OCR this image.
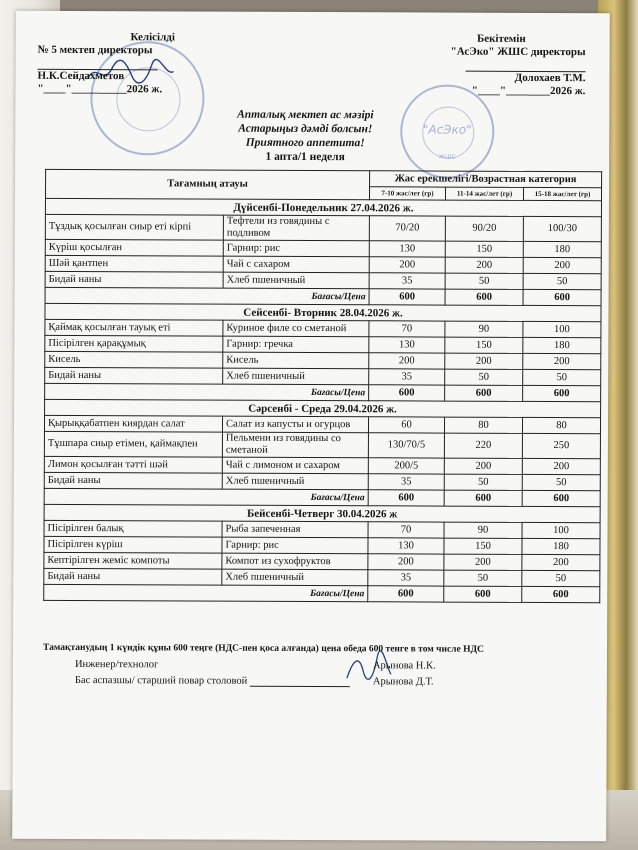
"АсЭко"
ЖШС
Келісілді
№ 5 мектеп директоры
Н.К.Сейдахметов
"____"__________2026 ж.
Бекітемін
"АсЭко" ЖШС директоры
Долохаев Т.М.
"____"________2026 ж.
Апталық мектеп ас мәзірі
Астарыңыз дәмді болсын!
Приятного аппетита!
1 апта/1 неделя
Тағамның атауы		Жас ерекшелігі/Возрастная категория		
		7-10 жас/лет (гр)	11-14 жас/лет (гр)	15-18 жас/лет (гр)
Дүйсенбі-Понедельник 27.04.2026 ж.				
Тұздық қосылған сиыр еті кірпі	Тефтели из говядины с подливом	70/20	90/20	100/30
Күріш қосылған	Гарнир: рис	130	150	180
Шәй қантпен	Чай с сахаром	200	200	200
Бидай наны	Хлеб пшеничный	35	50	50
Бағасы/Цена		600	600	600
Сейсенбі- Вторник 28.04.2026 ж.				
Қаймақ қосылған тауық еті	Куриное филе со сметаной	70	90	100
Пісірілген қарақұмық	Гарнир: гречка	130	150	180
Кисель	Кисель	200	200	200
Бидай наны	Хлеб пшеничный	35	50	50
Бағасы/Цена		600	600	600
Сәрсенбі - Среда 29.04.2026 ж.				
Қырыққабатпен киярдан салат	Салат из капусты и огурцов	60	80	80
Тұшпара сиыр етімен, қаймақпен	Пельмени из говядины со сметаной	130/70/5	220	250
Лимон қосылған тәтті шәй	Чай с лимоном и сахаром	200/5	200	200
Бидай наны	Хлеб пшеничный	35	50	50
Бағасы/Цена		600	600	600
Бейсенбі-Четверг 30.04.2026 ж				
Пісірілген балық	Рыба запеченная	70	90	100
Пісірілген күріш	Гарнир: рис	130	150	180
Кептірілген жеміс компоты	Компот из сухофруктов	200	200	200
Бидай наны	Хлеб пшеничный	35	50	50
Бағасы/Цена		600	600	600
Тамақтанудың 1 күндік құны 600 теңге (НДС-пен қоса алғанда) цена обеда 600 тенге в том числе НДС
Инженер/технолог	Арынова Н.К.
Бас аспазшы/ старший повар столовой	Арынова Д.Т.
